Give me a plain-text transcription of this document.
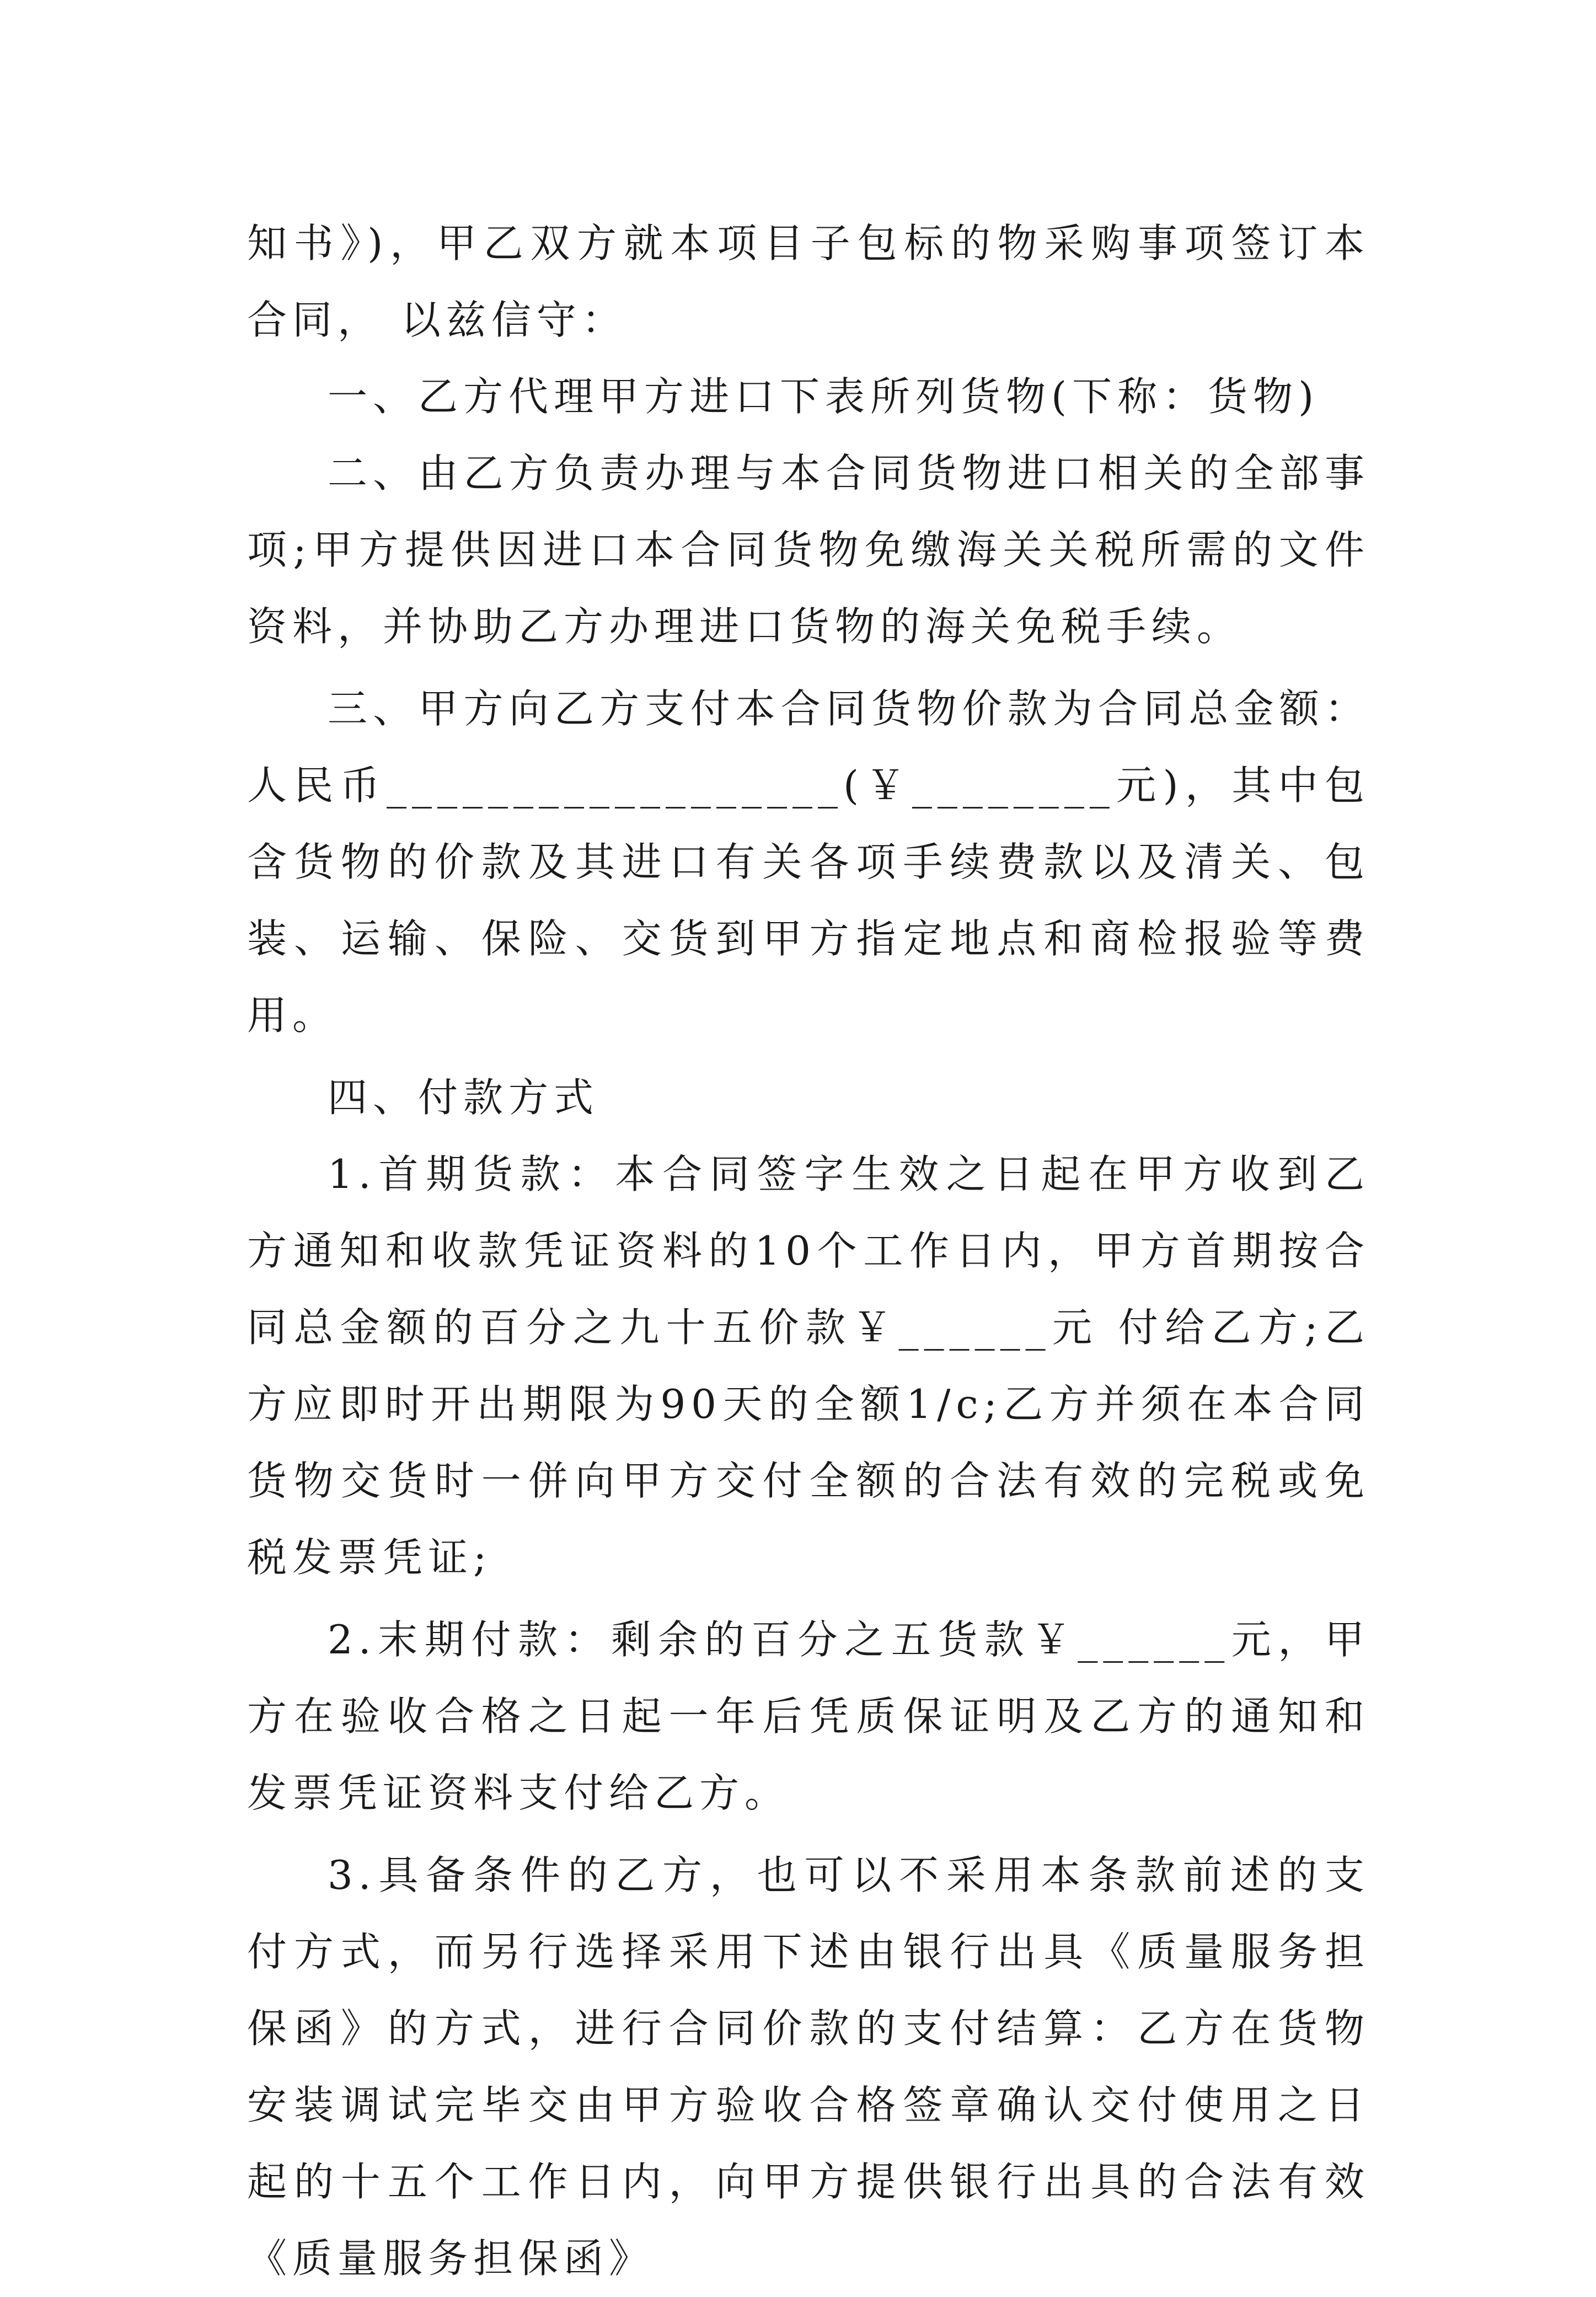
知书》)，甲乙双方就本项目子包标的物采购事项签订本合同， 以兹信守：

一、乙方代理甲方进口下表所列货物(下称：货物)

二、由乙方负责办理与本合同货物进口相关的全部事项;甲方提供因进口本合同货物免缴海关关税所需的文件资料，并协助乙方办理进口货物的海关免税手续。

三、甲方向乙方支付本合同货物价款为合同总金额：人民币__________________(￥________元)，其中包含货物的价款及其进口有关各项手续费款以及清关、包装、运输、保险、交货到甲方指定地点和商检报验等费用。

四、付款方式

1.首期货款：本合同签字生效之日起在甲方收到乙方通知和收款凭证资料的10个工作日内，甲方首期按合同总金额的百分之九十五价款￥______元 付给乙方;乙方应即时开出期限为90天的全额1/c;乙方并须在本合同货物交货时一併向甲方交付全额的合法有效的完税或免税发票凭证;

2.末期付款：剩余的百分之五货款￥______元，甲方在验收合格之日起一年后凭质保证明及乙方的通知和发票凭证资料支付给乙方。

3.具备条件的乙方，也可以不采用本条款前述的支付方式，而另行选择采用下述由银行出具《质量服务担保函》的方式，进行合同价款的支付结算：乙方在货物安装调试完毕交由甲方验收合格签章确认交付使用之日起的十五个工作日内，向甲方提供银行出具的合法有效《质量服务担保函》
